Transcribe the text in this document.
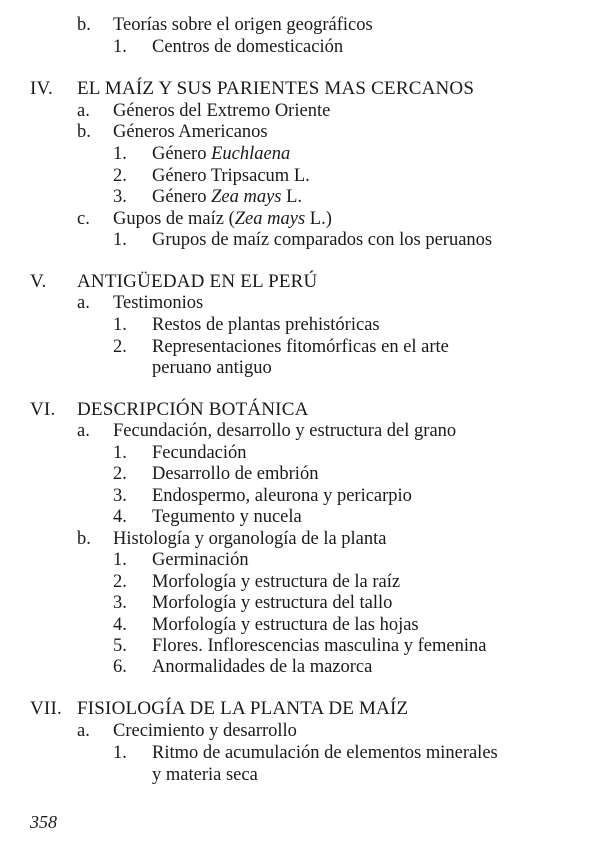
b. Teorías sobre el origen geográficos
1. Centros de domesticación
IV. EL MAÍZ Y SUS PARIENTES MAS CERCANOS
a. Géneros del Extremo Oriente
b. Géneros Americanos
1. Género Euchlaena
2. Género Tripsacum L.
3. Género Zea mays L.
c. Gupos de maíz (Zea mays L.)
1. Grupos de maíz comparados con los peruanos
V. ANTIGÜEDAD EN EL PERÚ
a. Testimonios
1. Restos de plantas prehistóricas
2. Representaciones fitomórficas en el arte
peruano antiguo
VI. DESCRIPCIÓN BOTÁNICA
a. Fecundación, desarrollo y estructura del grano
1. Fecundación
2. Desarrollo de embrión
3. Endospermo, aleurona y pericarpio
4. Tegumento y nucela
b. Histología y organología de la planta
1. Germinación
2. Morfología y estructura de la raíz
3. Morfología y estructura del tallo
4. Morfología y estructura de las hojas
5. Flores. Inflorescencias masculina y femenina
6. Anormalidades de la mazorca
VII. FISIOLOGÍA DE LA PLANTA DE MAÍZ
a. Crecimiento y desarrollo
1. Ritmo de acumulación de elementos minerales
y materia seca
358
